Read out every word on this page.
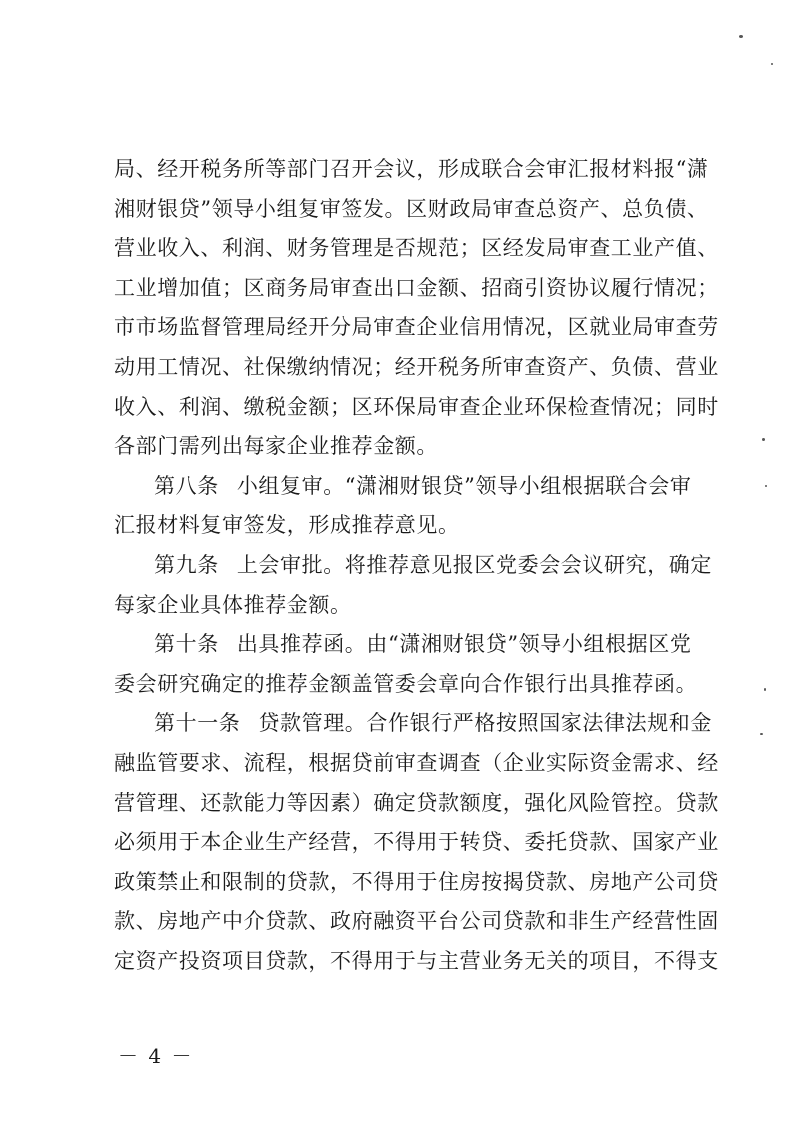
局、经开税务所等部门召开会议，形成联合会审汇报材料报“潇
湘财银贷”领导小组复审签发。区财政局审查总资产、总负债、
营业收入、利润、财务管理是否规范；区经发局审查工业产值、
工业增加值；区商务局审查出口金额、招商引资协议履行情况；
市市场监督管理局经开分局审查企业信用情况，区就业局审查劳
动用工情况、社保缴纳情况；经开税务所审查资产、负债、营业
收入、利润、缴税金额；区环保局审查企业环保检查情况；同时
各部门需列出每家企业推荐金额。
第八条 小组复审。“潇湘财银贷”领导小组根据联合会审
汇报材料复审签发，形成推荐意见。
第九条 上会审批。将推荐意见报区党委会会议研究，确定
每家企业具体推荐金额。
第十条 出具推荐函。由“潇湘财银贷”领导小组根据区党
委会研究确定的推荐金额盖管委会章向合作银行出具推荐函。
第十一条 贷款管理。合作银行严格按照国家法律法规和金
融监管要求、流程，根据贷前审查调查（企业实际资金需求、经
营管理、还款能力等因素）确定贷款额度，强化风险管控。贷款
必须用于本企业生产经营，不得用于转贷、委托贷款、国家产业
政策禁止和限制的贷款，不得用于住房按揭贷款、房地产公司贷
款、房地产中介贷款、政府融资平台公司贷款和非生产经营性固
定资产投资项目贷款，不得用于与主营业务无关的项目，不得支
－ 4 －
